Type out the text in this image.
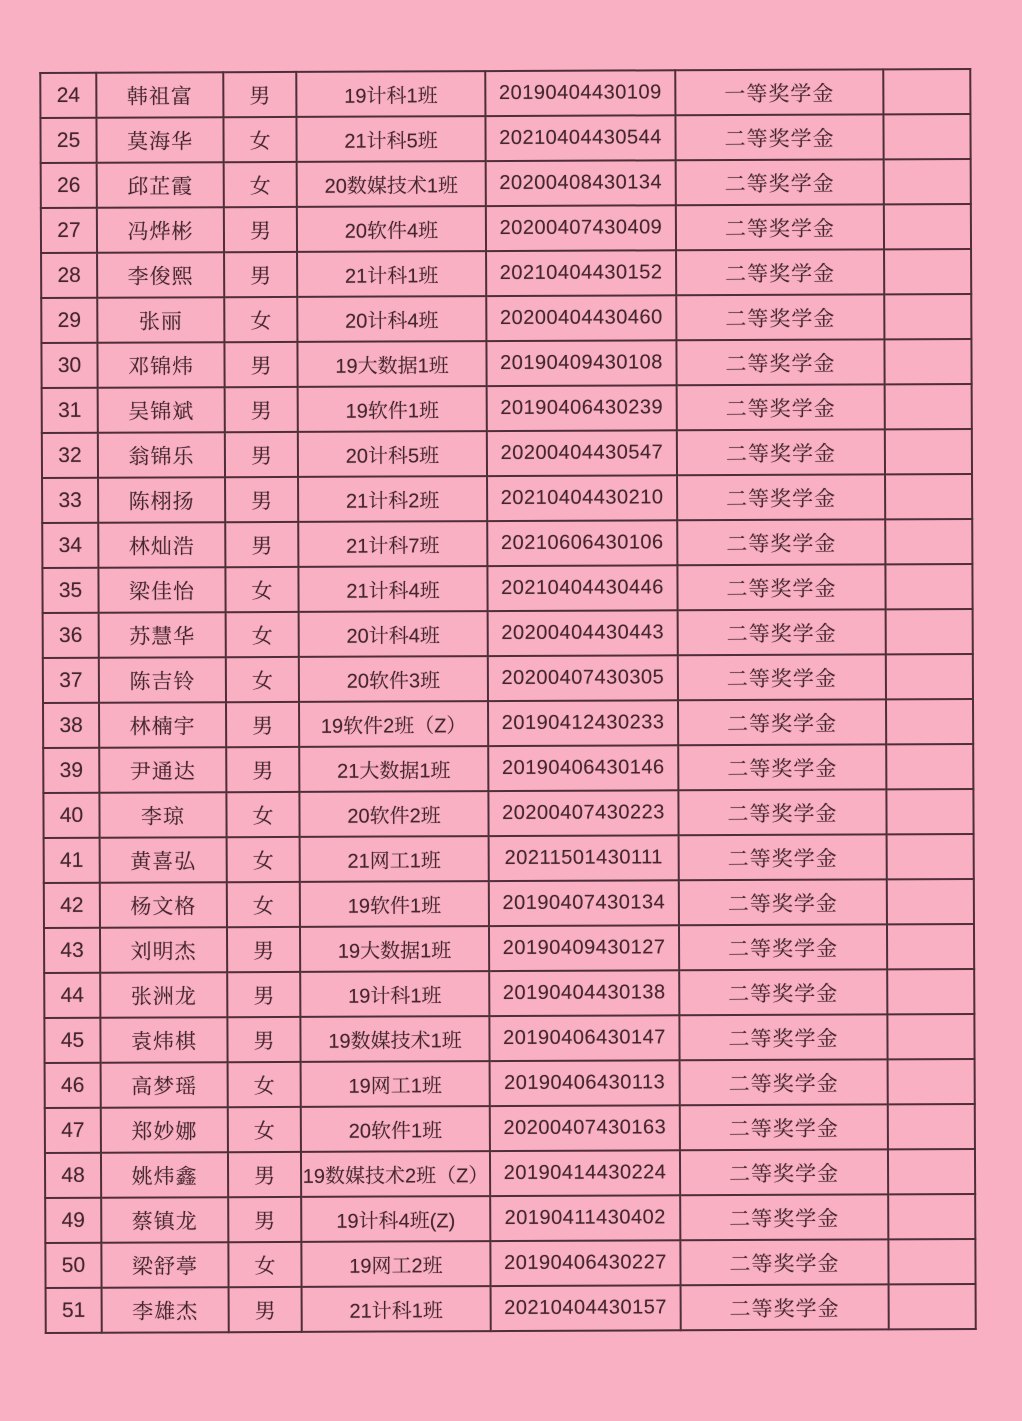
24	韩祖富	男	19计科1班	20190404430109	一等奖学金	
25	莫海华	女	21计科5班	20210404430544	二等奖学金	
26	邱芷霞	女	20数媒技术1班	20200408430134	二等奖学金	
27	冯烨彬	男	20软件4班	20200407430409	二等奖学金	
28	李俊熙	男	21计科1班	20210404430152	二等奖学金	
29	张丽	女	20计科4班	20200404430460	二等奖学金	
30	邓锦炜	男	19大数据1班	20190409430108	二等奖学金	
31	吴锦斌	男	19软件1班	20190406430239	二等奖学金	
32	翁锦乐	男	20计科5班	20200404430547	二等奖学金	
33	陈栩扬	男	21计科2班	20210404430210	二等奖学金	
34	林灿浩	男	21计科7班	20210606430106	二等奖学金	
35	梁佳怡	女	21计科4班	20210404430446	二等奖学金	
36	苏慧华	女	20计科4班	20200404430443	二等奖学金	
37	陈吉铃	女	20软件3班	20200407430305	二等奖学金	
38	林楠宇	男	19软件2班（Z）	20190412430233	二等奖学金	
39	尹通达	男	21大数据1班	20190406430146	二等奖学金	
40	李琼	女	20软件2班	20200407430223	二等奖学金	
41	黄喜弘	女	21网工1班	20211501430111	二等奖学金	
42	杨文格	女	19软件1班	20190407430134	二等奖学金	
43	刘明杰	男	19大数据1班	20190409430127	二等奖学金	
44	张洲龙	男	19计科1班	20190404430138	二等奖学金	
45	袁炜棋	男	19数媒技术1班	20190406430147	二等奖学金	
46	高梦瑶	女	19网工1班	20190406430113	二等奖学金	
47	郑妙娜	女	20软件1班	20200407430163	二等奖学金	
48	姚炜鑫	男	19数媒技术2班（Z）	20190414430224	二等奖学金	
49	蔡镇龙	男	19计科4班(Z)	20190411430402	二等奖学金	
50	梁舒葶	女	19网工2班	20190406430227	二等奖学金	
51	李雄杰	男	21计科1班	20210404430157	二等奖学金	
